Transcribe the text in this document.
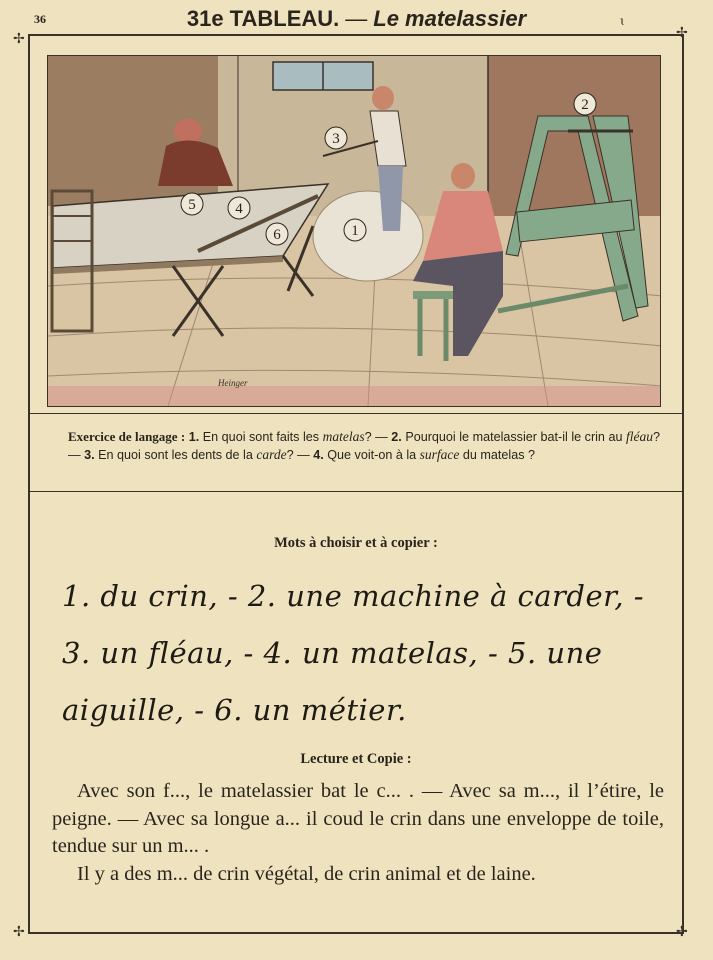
36	31e TABLEAU. — Le matelassier	ɩ
✢	✢
✢	✢
1
2
3
4
5
6
Heinger
Exercice de langage : 1. En quoi sont faits les matelas? — 2. Pourquoi le matelassier bat-il le crin au fléau? — 3. En quoi sont les dents de la carde? — 4. Que voit-on à la surface du matelas ?
Mots à choisir et à copier :
1. du crin, - 2. une machine à carder, -
3. un fléau, - 4. un matelas, - 5. une
aiguille, - 6. un métier.
Lecture et Copie :

Avec son f..., le matelassier bat le c... . — Avec sa m..., il l’étire, le peigne. — Avec sa longue a... il coud le crin dans une enveloppe de toile, tendue sur un m... .

Il y a des m... de crin végétal, de crin animal et de laine.
